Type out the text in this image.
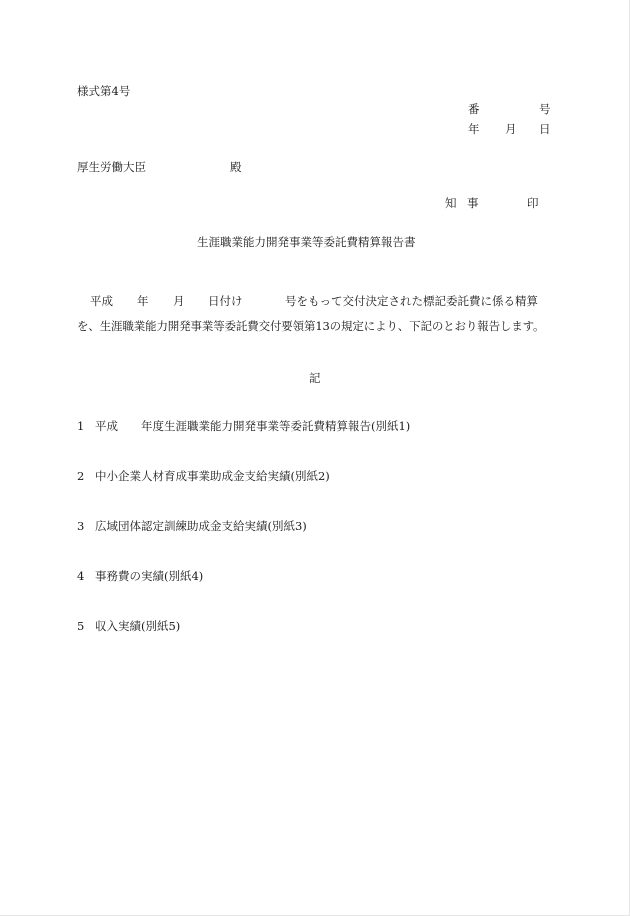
様式第4号
番	号
年 月 日
厚生労働大臣	殿
知 事	印
生涯職業能力開発事業等委託費精算報告書
平成 年 月 日付け	号をもって交付決定された標記委託費に係る精算
を、生涯職業能力開発事業等委託費交付要領第13の規定により、下記のとおり報告します。
記
1 平成 年度生涯職業能力開発事業等委託費精算報告(別紙1)
2 中小企業人材育成事業助成金支給実績(別紙2)
3 広域団体認定訓練助成金支給実績(別紙3)
4 事務費の実績(別紙4)
5 収入実績(別紙5)
